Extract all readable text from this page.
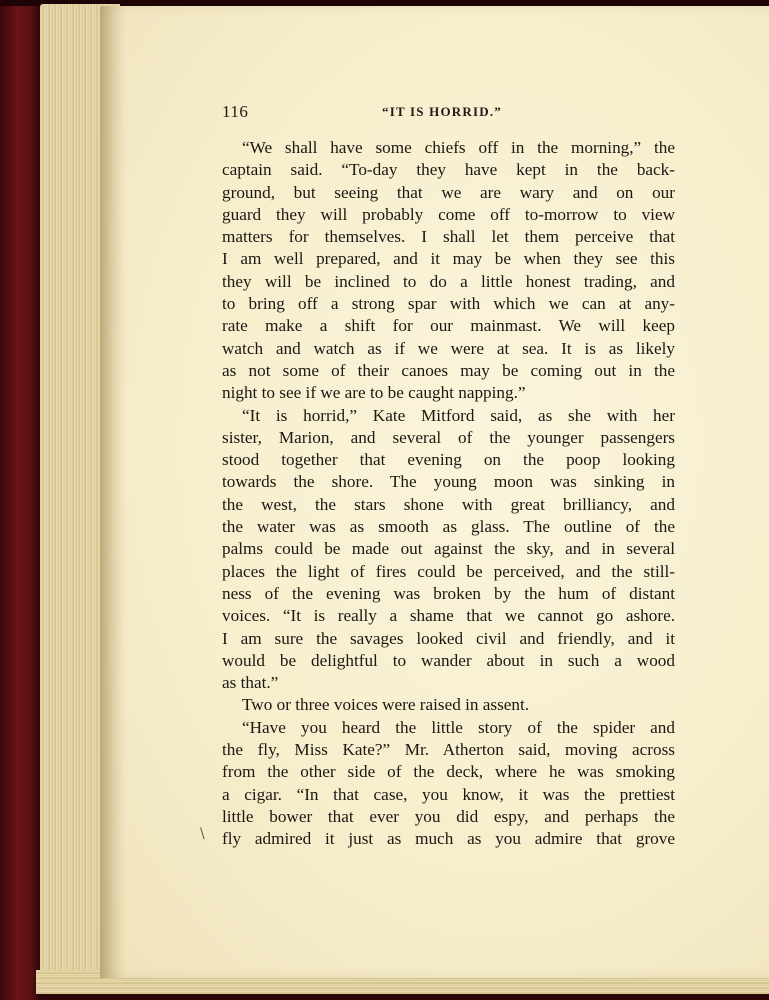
116	“IT IS HORRID.”
“We shall have some chiefs off in the morning,” the
captain said. “To-day they have kept in the back-
ground, but seeing that we are wary and on our
guard they will probably come off to-morrow to view
matters for themselves. I shall let them perceive that
I am well prepared, and it may be when they see this
they will be inclined to do a little honest trading, and
to bring off a strong spar with which we can at any-
rate make a shift for our mainmast. We will keep
watch and watch as if we were at sea. It is as likely
as not some of their canoes may be coming out in the
night to see if we are to be caught napping.”
“It is horrid,” Kate Mitford said, as she with her
sister, Marion, and several of the younger passengers
stood together that evening on the poop looking
towards the shore. The young moon was sinking in
the west, the stars shone with great brilliancy, and
the water was as smooth as glass. The outline of the
palms could be made out against the sky, and in several
places the light of fires could be perceived, and the still-
ness of the evening was broken by the hum of distant
voices. “It is really a shame that we cannot go ashore.
I am sure the savages looked civil and friendly, and it
would be delightful to wander about in such a wood
as that.”
Two or three voices were raised in assent.
“Have you heard the little story of the spider and
the fly, Miss Kate?” Mr. Atherton said, moving across
from the other side of the deck, where he was smoking
a cigar. “In that case, you know, it was the prettiest
little bower that ever you did espy, and perhaps the
fly admired it just as much as you admire that grove
\
